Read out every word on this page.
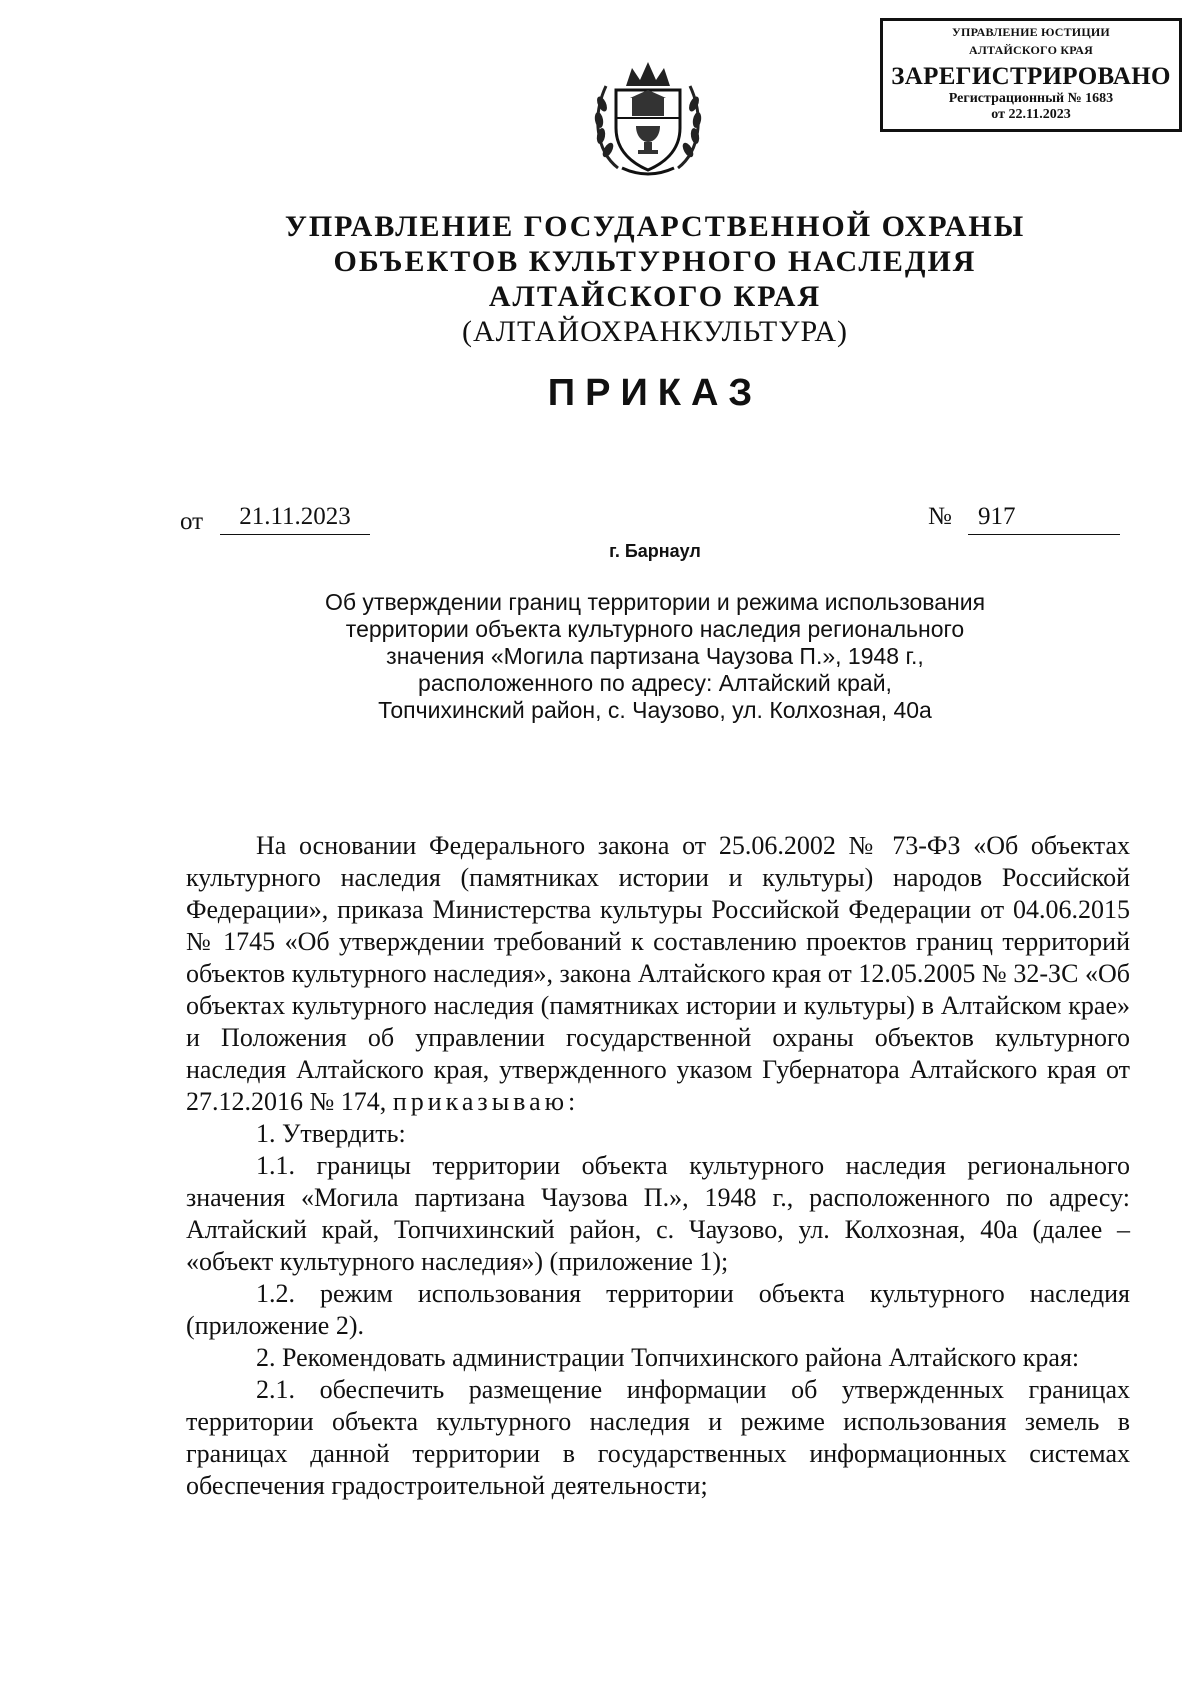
УПРАВЛЕНИЕ ЮСТИЦИИ
АЛТАЙСКОГО КРАЯ
ЗАРЕГИСТРИРОВАНО
Регистрационный № 1683
от 22.11.2023
УПРАВЛЕНИЕ ГОСУДАРСТВЕННОЙ ОХРАНЫ
ОБЪЕКТОВ КУЛЬТУРНОГО НАСЛЕДИЯ
АЛТАЙСКОГО КРАЯ
(АЛТАЙОХРАНКУЛЬТУРА)
ПРИКАЗ
от	21.11.2023	№	917
г. Барнаул
Об утверждении границ территории и режима использования
территории объекта культурного наследия регионального
значения «Могила партизана Чаузова П.», 1948 г.,
расположенного по адресу: Алтайский край,
Топчихинский район, с. Чаузово, ул. Колхозная, 40а

На основании Федерального закона от 25.06.2002 № 73-ФЗ «Об объектах культурного наследия (памятниках истории и культуры) народов Российской Федерации», приказа Министерства культуры Российской Федерации от 04.06.2015 № 1745 «Об утверждении требований к составлению проектов границ территорий объектов культурного наследия», закона Алтайского края от 12.05.2005 № 32-ЗС «Об объектах культурного наследия (памятниках истории и культуры) в Алтайском крае» и Положения об управлении государственной охраны объектов культурного наследия Алтайского края, утвержденного указом Губернатора Алтайского края от 27.12.2016 № 174, приказываю:

1. Утвердить:

1.1. границы территории объекта культурного наследия регионального значения «Могила партизана Чаузова П.», 1948 г., расположенного по адресу: Алтайский край, Топчихинский район, с. Чаузово, ул. Колхозная, 40а (далее – «объект культурного наследия») (приложение 1);

1.2. режим использования территории объекта культурного наследия (приложение 2).

2. Рекомендовать администрации Топчихинского района Алтайского края:

2.1. обеспечить размещение информации об утвержденных границах территории объекта культурного наследия и режиме использования земель в границах данной территории в государственных информационных системах обеспечения градостроительной деятельности;
